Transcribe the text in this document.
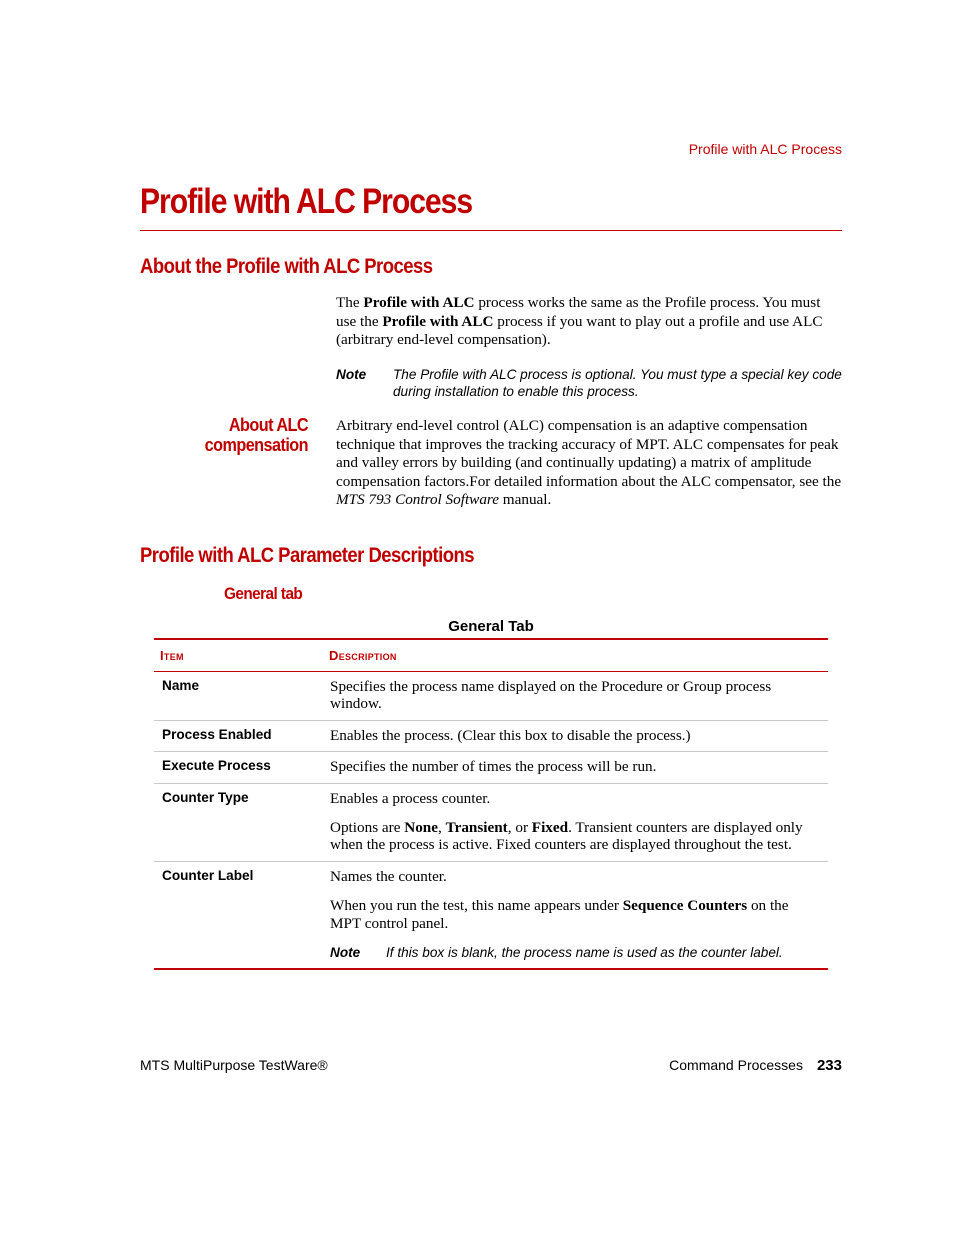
Profile with ALC Process
Profile with ALC Process
About the Profile with ALC Process
The Profile with ALC process works the same as the Profile process. You must use the Profile with ALC process if you want to play out a profile and use ALC (arbitrary end-level compensation).
Note The Profile with ALC process is optional. You must type a special key code during installation to enable this process.
About ALC
compensation
Arbitrary end-level control (ALC) compensation is an adaptive compensation technique that improves the tracking accuracy of MPT. ALC compensates for peak and valley errors by building (and continually updating) a matrix of amplitude compensation factors.For detailed information about the ALC compensator, see the MTS 793 Control Software manual.
Profile with ALC Parameter Descriptions
General tab
General Tab
Item	Description
Name	Specifies the process name displayed on the Procedure or Group process window.
Process Enabled	Enables the process. (Clear this box to disable the process.)
Execute Process	Specifies the number of times the process will be run.
Counter Type	Enables a process counter.

Options are None, Transient, or Fixed. Transient counters are displayed only when the process is active. Fixed counters are displayed throughout the test.

Counter Label	Names the counter.

When you run the test, this name appears under Sequence Counters on the MPT control panel.

Note If this box is blank, the process name is used as the counter label.
MTS MultiPurpose TestWare®	Command Processes 233
